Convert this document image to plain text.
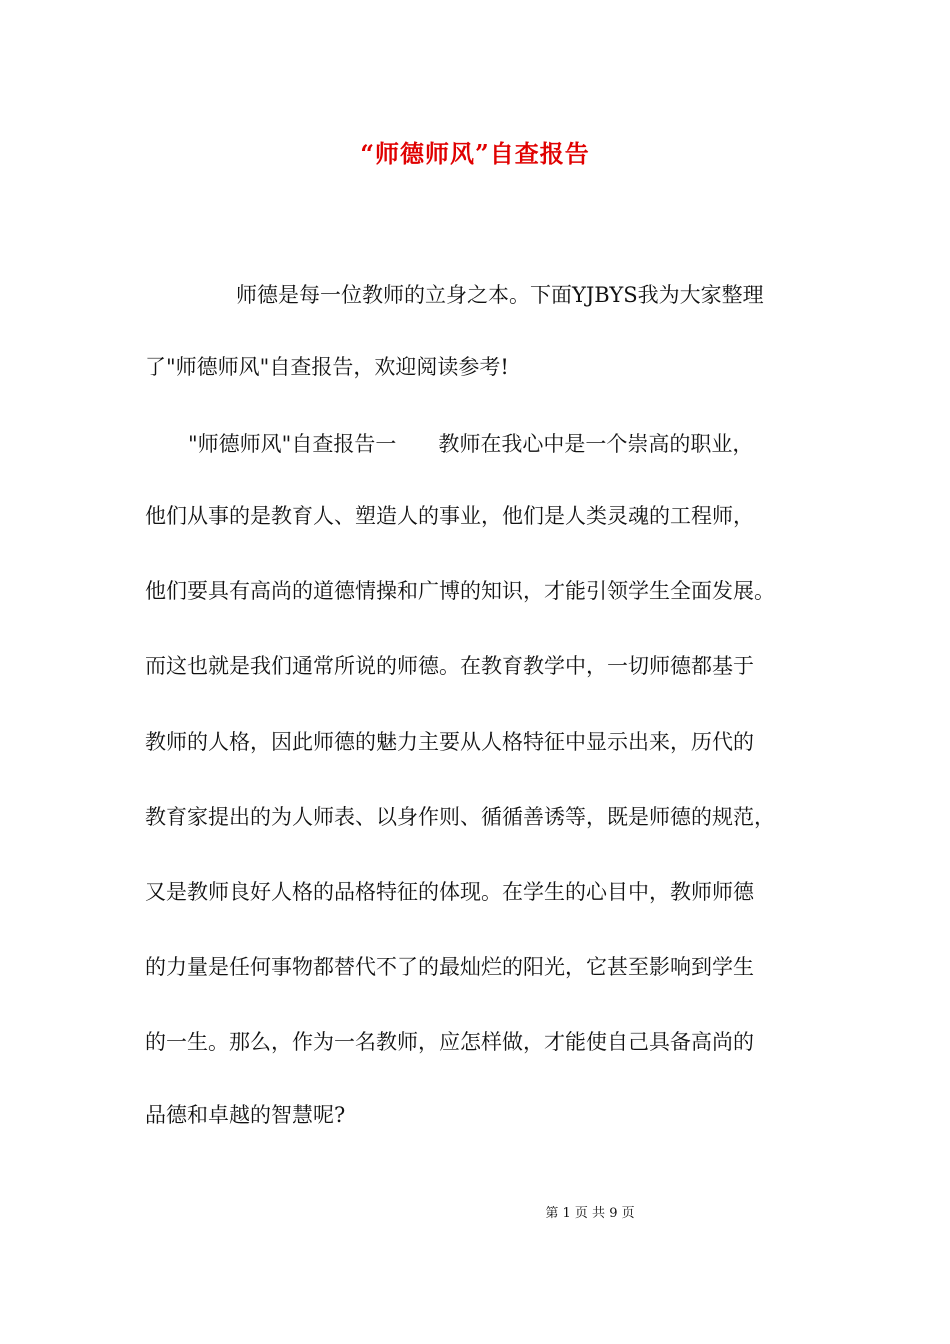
“师德师风”自查报告
师德是每一位教师的立身之本。下面YJBYS我为大家整理
了"师德师风"自查报告，欢迎阅读参考!
"师德师风"自查报告一　　教师在我心中是一个崇高的职业，
他们从事的是教育人、塑造人的事业，他们是人类灵魂的工程师，
他们要具有高尚的道德情操和广博的知识，才能引领学生全面发展。
而这也就是我们通常所说的师德。在教育教学中，一切师德都基于
教师的人格，因此师德的魅力主要从人格特征中显示出来，历代的
教育家提出的为人师表、以身作则、循循善诱等，既是师德的规范，
又是教师良好人格的品格特征的体现。在学生的心目中，教师师德
的力量是任何事物都替代不了的最灿烂的阳光，它甚至影响到学生
的一生。那么，作为一名教师，应怎样做，才能使自己具备高尚的
品德和卓越的智慧呢?
第 1 页 共 9 页
